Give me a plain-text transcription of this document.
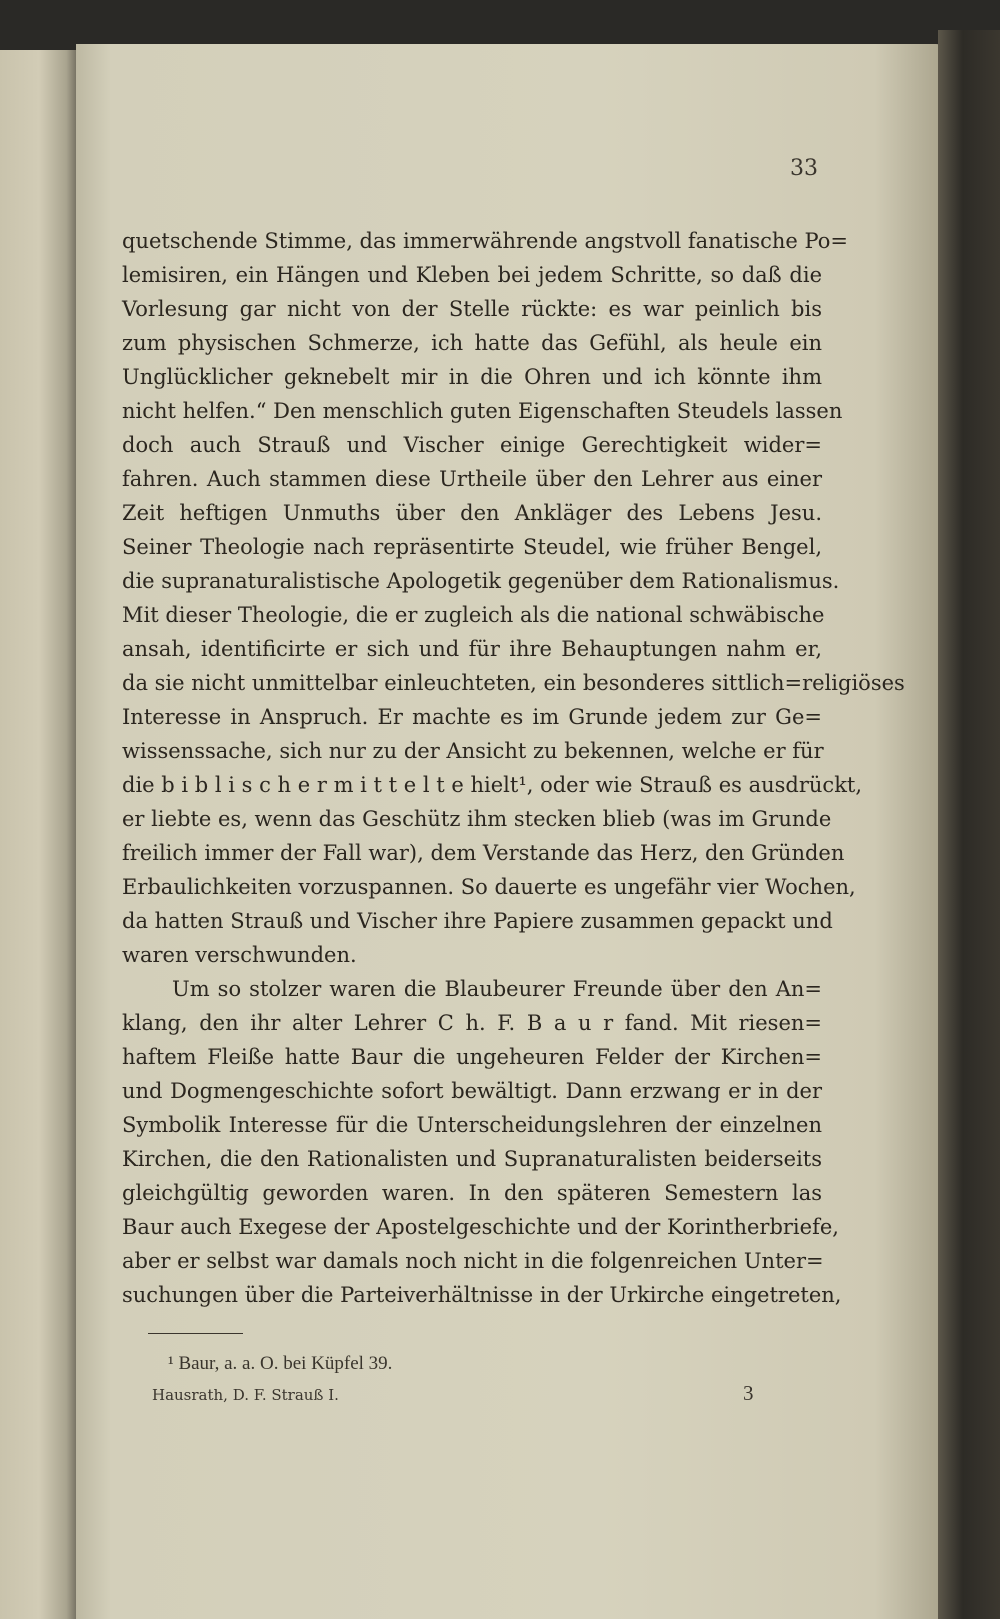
33
quetschende Stimme, das immerwährende angstvoll fanatische Po=
lemisiren, ein Hängen und Kleben bei jedem Schritte, so daß die
Vorlesung gar nicht von der Stelle rückte: es war peinlich bis
zum physischen Schmerze, ich hatte das Gefühl, als heule ein
Unglücklicher geknebelt mir in die Ohren und ich könnte ihm
nicht helfen.“ Den menschlich guten Eigenschaften Steudels lassen
doch auch Strauß und Vischer einige Gerechtigkeit wider=
fahren. Auch stammen diese Urtheile über den Lehrer aus einer
Zeit heftigen Unmuths über den Ankläger des Lebens Jesu.
Seiner Theologie nach repräsentirte Steudel, wie früher Bengel,
die supranaturalistische Apologetik gegenüber dem Rationalismus.
Mit dieser Theologie, die er zugleich als die national schwäbische
ansah, identificirte er sich und für ihre Behauptungen nahm er,
da sie nicht unmittelbar einleuchteten, ein besonderes sittlich=religiöses
Interesse in Anspruch. Er machte es im Grunde jedem zur Ge=
wissenssache, sich nur zu der Ansicht zu bekennen, welche er für
die b i b l i s c h e r m i t t e l t e hielt¹, oder wie Strauß es ausdrückt,
er liebte es, wenn das Geschütz ihm stecken blieb (was im Grunde
freilich immer der Fall war), dem Verstande das Herz, den Gründen
Erbaulichkeiten vorzuspannen. So dauerte es ungefähr vier Wochen,
da hatten Strauß und Vischer ihre Papiere zusammen gepackt und
waren verschwunden.
Um so stolzer waren die Blaubeurer Freunde über den An=
klang, den ihr alter Lehrer C h. F. B a u r fand. Mit riesen=
haftem Fleiße hatte Baur die ungeheuren Felder der Kirchen=
und Dogmengeschichte sofort bewältigt. Dann erzwang er in der
Symbolik Interesse für die Unterscheidungslehren der einzelnen
Kirchen, die den Rationalisten und Supranaturalisten beiderseits
gleichgültig geworden waren. In den späteren Semestern las
Baur auch Exegese der Apostelgeschichte und der Korintherbriefe,
aber er selbst war damals noch nicht in die folgenreichen Unter=
suchungen über die Parteiverhältnisse in der Urkirche eingetreten,
¹ Baur, a. a. O. bei Küpfel 39.
Hausrath, D. F. Strauß I.	3
